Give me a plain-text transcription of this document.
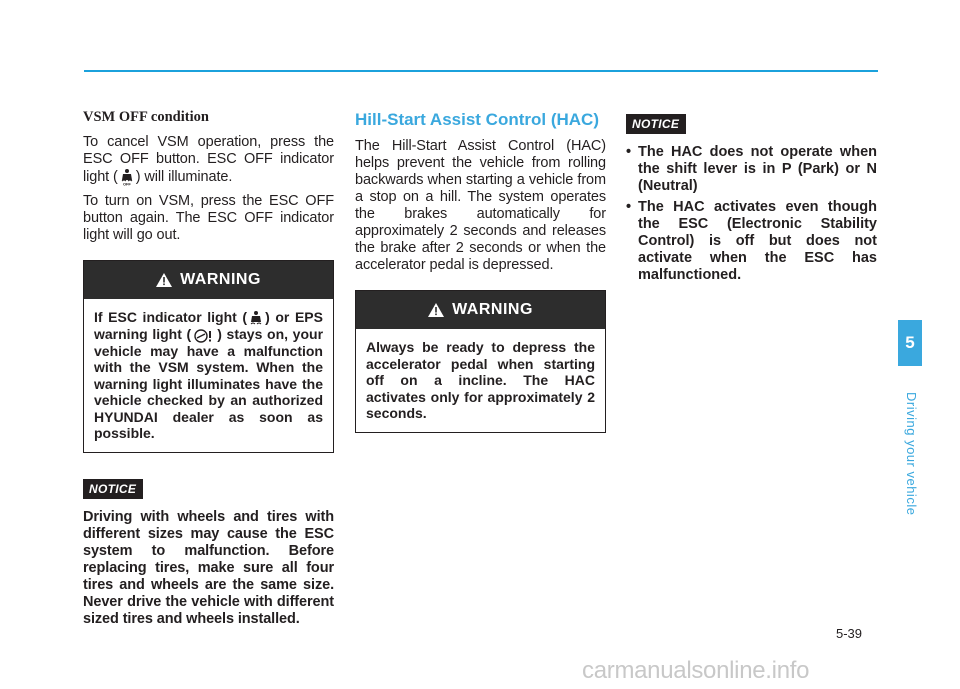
VSM OFF condition

To cancel VSM operation, press the ESC OFF button. ESC OFF indicator light ( OFF ) will illuminate.

To turn on VSM, press the ESC OFF button again. The ESC OFF indicator light will go out.

WARNING
If ESC indicator light ( ) or EPS warning light ( ) stays on, your vehicle may have a malfunction with the VSM system. When the warning light illuminates have the vehicle checked by an authorized HYUNDAI dealer as soon as possible.
NOTICE

Driving with wheels and tires with different sizes may cause the ESC system to malfunction. Before replacing tires, make sure all four tires and wheels are the same size. Never drive the vehicle with different sized tires and wheels installed.

Hill-Start Assist Control (HAC)

The Hill-Start Assist Control (HAC) helps prevent the vehicle from rolling backwards when starting a vehicle from a stop on a hill. The system operates the brakes automatically for approximately 2 seconds and releases the brake after 2 seconds or when the accelerator pedal is depressed.

WARNING
Always be ready to depress the accelerator pedal when starting off on a incline. The HAC activates only for approximately 2 seconds.
NOTICE
• The HAC does not operate when the shift lever is in P (Park) or N (Neutral)
• The HAC activates even though the ESC (Electronic Stability Control) is off but does not activate when the ESC has malfunctioned.
5
Driving your vehicle
5-39
carmanualsonline.info
